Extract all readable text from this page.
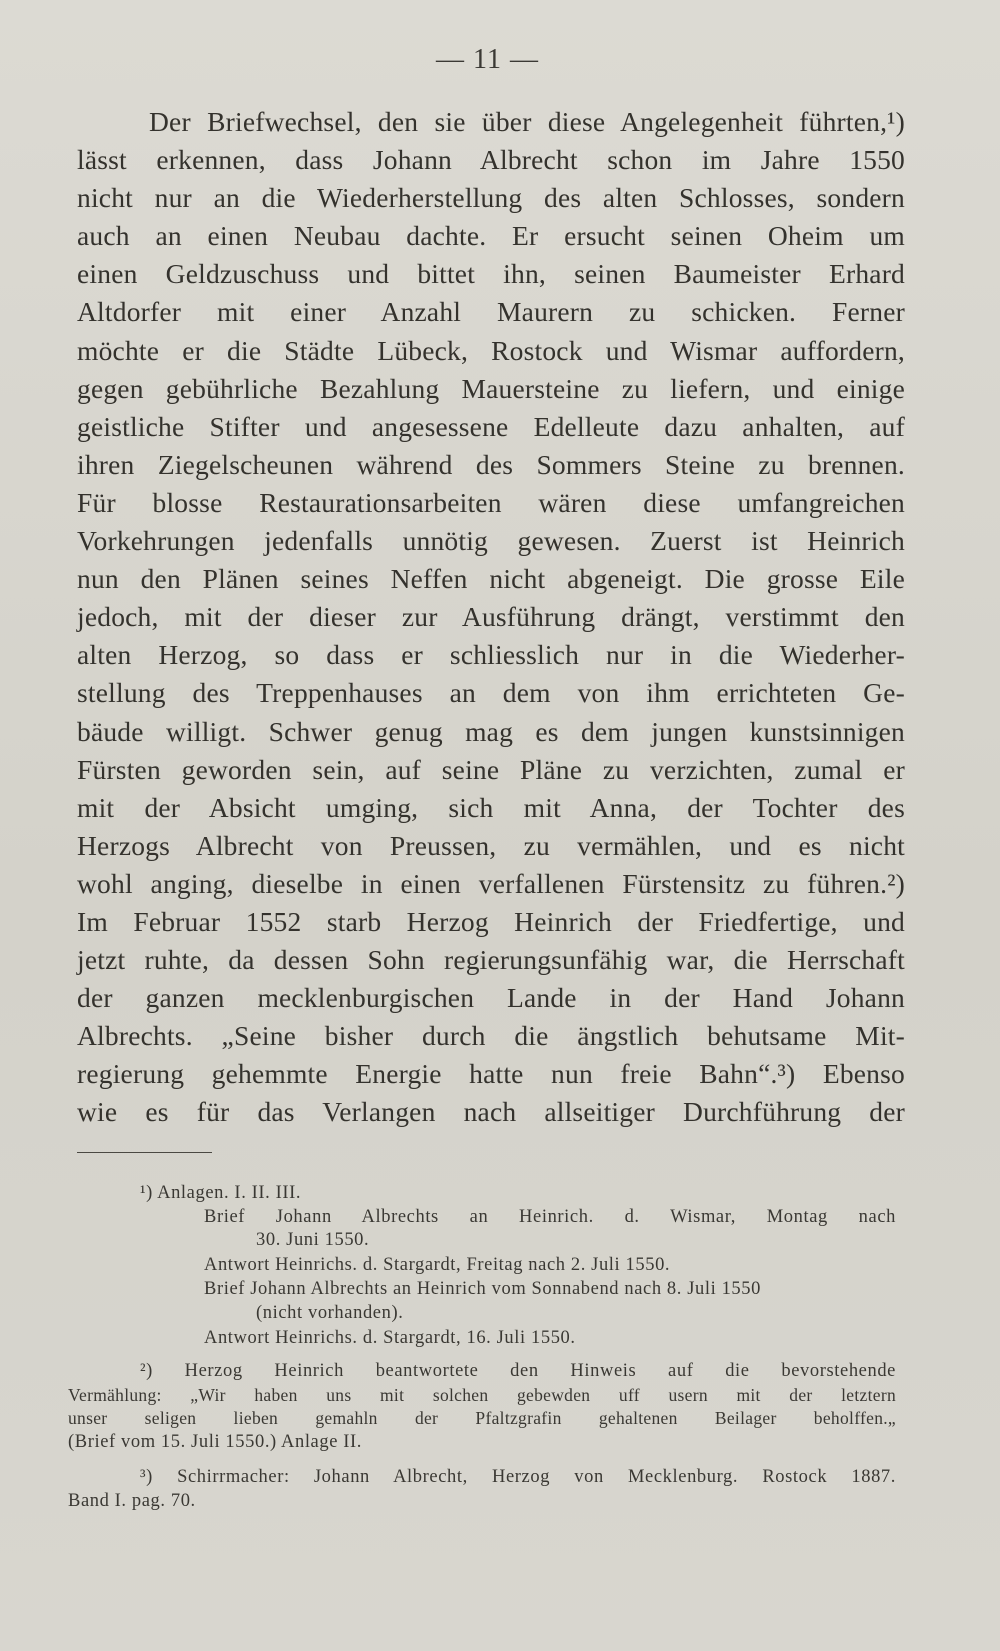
— 11 —
Der Briefwechsel, den sie über diese Angelegenheit führten,¹)
lässt erkennen, dass Johann Albrecht schon im Jahre 1550
nicht nur an die Wiederherstellung des alten Schlosses, sondern
auch an einen Neubau dachte. Er ersucht seinen Oheim um
einen Geldzuschuss und bittet ihn, seinen Baumeister Erhard
Altdorfer mit einer Anzahl Maurern zu schicken. Ferner
möchte er die Städte Lübeck, Rostock und Wismar auffordern,
gegen gebührliche Bezahlung Mauersteine zu liefern, und einige
geistliche Stifter und angesessene Edelleute dazu anhalten, auf
ihren Ziegelscheunen während des Sommers Steine zu brennen.
Für blosse Restaurationsarbeiten wären diese umfangreichen
Vorkehrungen jedenfalls unnötig gewesen. Zuerst ist Heinrich
nun den Plänen seines Neffen nicht abgeneigt. Die grosse Eile
jedoch, mit der dieser zur Ausführung drängt, verstimmt den
alten Herzog, so dass er schliesslich nur in die Wiederher-
stellung des Treppenhauses an dem von ihm errichteten Ge-
bäude willigt. Schwer genug mag es dem jungen kunstsinnigen
Fürsten geworden sein, auf seine Pläne zu verzichten, zumal er
mit der Absicht umging, sich mit Anna, der Tochter des
Herzogs Albrecht von Preussen, zu vermählen, und es nicht
wohl anging, dieselbe in einen verfallenen Fürstensitz zu führen.²)
Im Februar 1552 starb Herzog Heinrich der Friedfertige, und
jetzt ruhte, da dessen Sohn regierungsunfähig war, die Herrschaft
der ganzen mecklenburgischen Lande in der Hand Johann
Albrechts. „Seine bisher durch die ängstlich behutsame Mit-
regierung gehemmte Energie hatte nun freie Bahn“.³) Ebenso
wie es für das Verlangen nach allseitiger Durchführung der
¹) Anlagen. I. II. III.
Brief Johann Albrechts an Heinrich. d. Wismar, Montag nach
30. Juni 1550.
Antwort Heinrichs. d. Stargardt, Freitag nach 2. Juli 1550.
Brief Johann Albrechts an Heinrich vom Sonnabend nach 8. Juli 1550
(nicht vorhanden).
Antwort Heinrichs. d. Stargardt, 16. Juli 1550.
²) Herzog Heinrich beantwortete den Hinweis auf die bevorstehende
Vermählung: „Wir haben uns mit solchen gebewden uff usern mit der letztern
unser seligen lieben gemahln der Pfaltzgrafin gehaltenen Beilager beholffen.„
(Brief vom 15. Juli 1550.) Anlage II.
³) Schirrmacher: Johann Albrecht, Herzog von Mecklenburg. Rostock 1887.
Band I. pag. 70.
